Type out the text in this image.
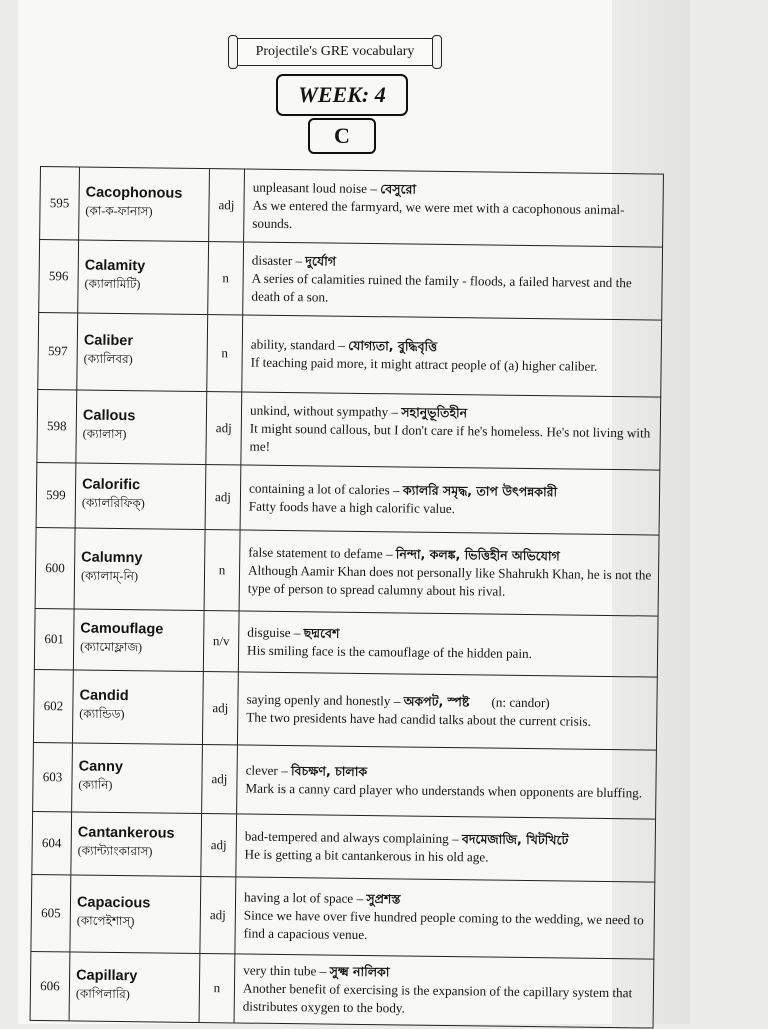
Projectile's GRE vocabulary
WEEK: 4
C
595
Cacophonous
(কা-ক-ফানাস)	adj
unpleasant loud noise – বেসুরো
As we entered the farmyard, we were met with a cacophonous animal-sounds.
596
Calamity
(ক্যালামিটি)	n
disaster – দুর্যোগ
A series of calamities ruined the family - floods, a failed harvest and the death of a son.
597
Caliber
(ক্যালিবর)	n
ability, standard – যোগ্যতা, বুদ্ধিবৃত্তি
If teaching paid more, it might attract people of (a) higher caliber.
598
Callous
(ক্যালাস)	adj
unkind, without sympathy – সহানুভূতিহীন
It might sound callous, but I don't care if he's homeless. He's not living with me!
599
Calorific
(ক্যালরিফিক্)	adj	containing a lot of calories – ক্যালরি সমৃদ্ধ, তাপ উৎপন্নকারী
Fatty foods have a high calorific value.
600
Calumny
(ক্যালাম্-নি)	n
false statement to defame – নিন্দা, কলঙ্ক, ভিত্তিহীন অভিযোগ
Although Aamir Khan does not personally like Shahrukh Khan, he is not the type of person to spread calumny about his rival.
601
Camouflage
(ক্যামোফ্লাজ)	n/v
disguise – ছদ্মবেশ
His smiling face is the camouflage of the hidden pain.
602
Candid
(ক্যান্ডিড)	adj	saying openly and honestly – অকপট, স্পষ্ট (n: candor)
The two presidents have had candid talks about the current crisis.
603
Canny
(ক্যানি)	adj
clever – বিচক্ষণ, চালাক
Mark is a canny card player who understands when opponents are bluffing.
604
Cantankerous
(ক্যান্ট্যাংকারাস)	adj	bad-tempered and always complaining – বদমেজাজি, খিটখিটে
He is getting a bit cantankerous in his old age.
605
Capacious
(কাপেইশাস্)	adj
having a lot of space – সুপ্রশস্ত
Since we have over five hundred people coming to the wedding, we need to find a capacious venue.
606
Capillary
(কাপিলারি)	n
very thin tube – সুক্ষ্ম নালিকা
Another benefit of exercising is the expansion of the capillary system that distributes oxygen to the body.
